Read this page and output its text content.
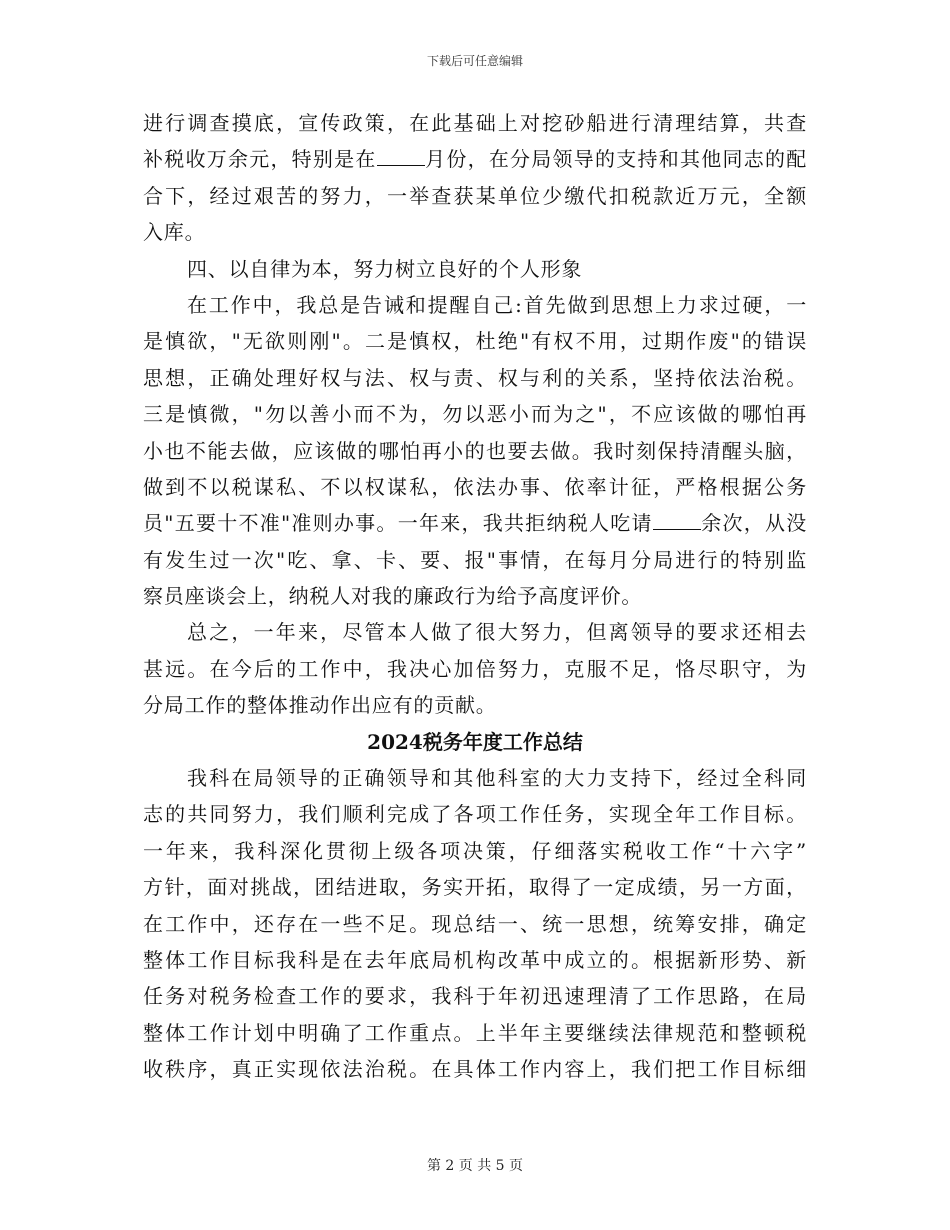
下载后可任意编辑
进行调查摸底，宣传政策，在此基础上对挖砂船进行清理结算，共查
补税收万余元，特别是在 月份，在分局领导的支持和其他同志的配
合下，经过艰苦的努力，一举查获某单位少缴代扣税款近万元，全额
入库。
四、以自律为本，努力树立良好的个人形象
在工作中，我总是告诫和提醒自己:首先做到思想上力求过硬，一
是慎欲，"无欲则刚"。二是慎权，杜绝"有权不用，过期作废"的错误
思想，正确处理好权与法、权与责、权与利的关系，坚持依法治税。
三是慎微，"勿以善小而不为，勿以恶小而为之"，不应该做的哪怕再
小也不能去做，应该做的哪怕再小的也要去做。我时刻保持清醒头脑，
做到不以税谋私、不以权谋私，依法办事、依率计征，严格根据公务
员"五要十不准"准则办事。一年来，我共拒纳税人吃请 余次，从没
有发生过一次"吃、拿、卡、要、报"事情，在每月分局进行的特别监
察员座谈会上，纳税人对我的廉政行为给予高度评价。
总之，一年来，尽管本人做了很大努力，但离领导的要求还相去
甚远。在今后的工作中，我决心加倍努力，克服不足，恪尽职守，为
分局工作的整体推动作出应有的贡献。
2024税务年度工作总结
我科在局领导的正确领导和其他科室的大力支持下，经过全科同
志的共同努力，我们顺利完成了各项工作任务，实现全年工作目标。
一年来，我科深化贯彻上级各项决策，仔细落实税收工作“十六字”
方针，面对挑战，团结进取，务实开拓，取得了一定成绩，另一方面，
在工作中，还存在一些不足。现总结一、统一思想，统筹安排，确定
整体工作目标我科是在去年底局机构改革中成立的。根据新形势、新
任务对税务检查工作的要求，我科于年初迅速理清了工作思路，在局
整体工作计划中明确了工作重点。上半年主要继续法律规范和整顿税
收秩序，真正实现依法治税。在具体工作内容上，我们把工作目标细
第 2 页 共 5 页
